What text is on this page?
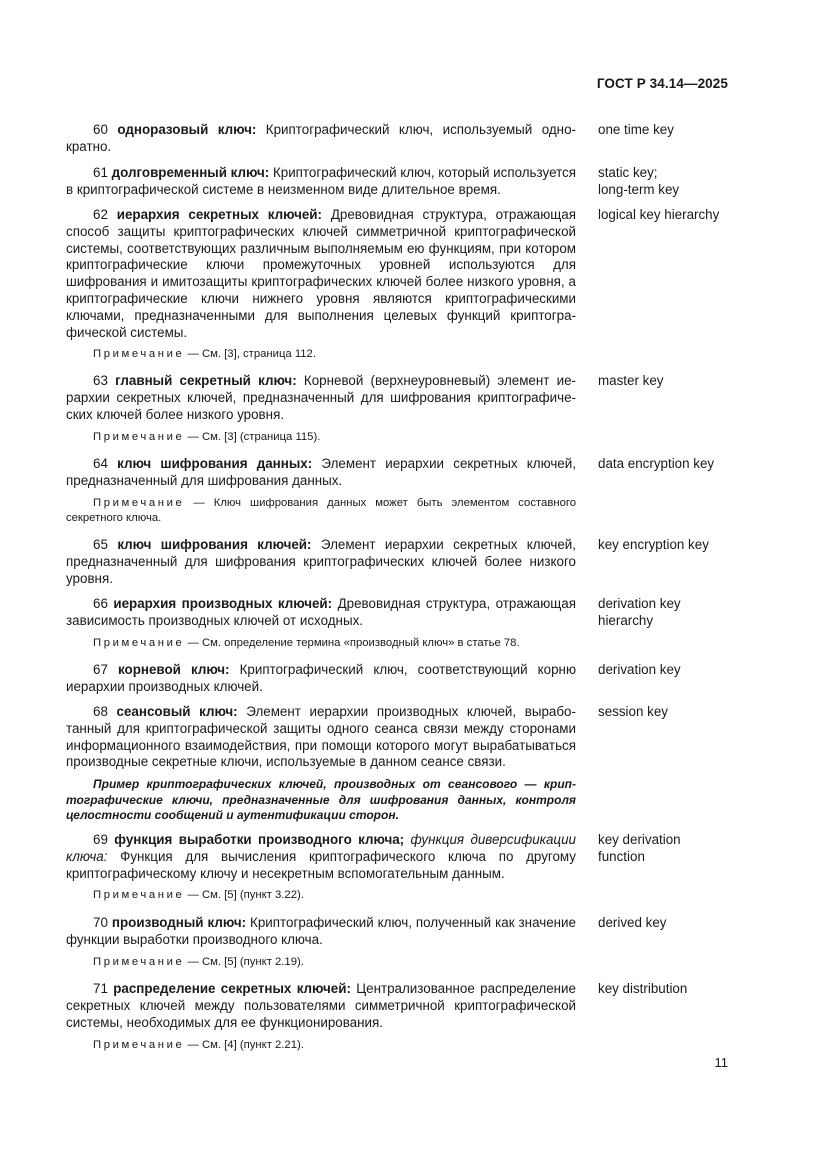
ГОСТ Р 34.14—2025
60 одноразовый ключ: Криптографический ключ, используемый однократно.
one time key
61 долговременный ключ: Криптографический ключ, который используется в криптографической системе в неизменном виде длительное время.
static key;
long-term key
62 иерархия секретных ключей: Древовидная структура, отражающая способ защиты криптографических ключей симметричной криптографической системы, соответствующих различным выполняемым ею функциям, при котором криптографические ключи промежуточных уровней используются для шифрования и имитозащиты криптографических ключей более низкого уровня, а криптографические ключи нижнего уровня являются криптографическими ключами, предназначенными для выполнения целевых функций криптографической системы.
logical key hierarchy
Примечание — См. [3], страница 112.
63 главный секретный ключ: Корневой (верхнеуровневый) элемент иерархии секретных ключей, предназначенный для шифрования криптографических ключей более низкого уровня.
master key
Примечание — См. [3] (страница 115).
64 ключ шифрования данных: Элемент иерархии секретных ключей, предназначенный для шифрования данных.
data encryption key
Примечание — Ключ шифрования данных может быть элементом составного секретного ключа.
65 ключ шифрования ключей: Элемент иерархии секретных ключей, предназначенный для шифрования криптографических ключей более низкого уровня.
key encryption key
66 иерархия производных ключей: Древовидная структура, отражающая зависимость производных ключей от исходных.
derivation key
hierarchy
Примечание — См. определение термина «производный ключ» в статье 78.
67 корневой ключ: Криптографический ключ, соответствующий корню иерархии производных ключей.
derivation key
68 сеансовый ключ: Элемент иерархии производных ключей, выработанный для криптографической защиты одного сеанса связи между сторонами информационного взаимодействия, при помощи которого могут вырабатываться производные секретные ключи, используемые в данном сеансе связи.
session key
Пример криптографических ключей, производных от сеансового — криптографические ключи, предназначенные для шифрования данных, контроля целостности сообщений и аутентификации сторон.
69 функция выработки производного ключа; функция диверсификации ключа: Функция для вычисления криптографического ключа по другому криптографическому ключу и несекретным вспомогательным данным.
key derivation
function
Примечание — См. [5] (пункт 3.22).
70 производный ключ: Криптографический ключ, полученный как значение функции выработки производного ключа.
derived key
Примечание — См. [5] (пункт 2.19).
71 распределение секретных ключей: Централизованное распределение секретных ключей между пользователями симметричной криптографической системы, необходимых для ее функционирования.
key distribution
Примечание — См. [4] (пункт 2.21).
11
